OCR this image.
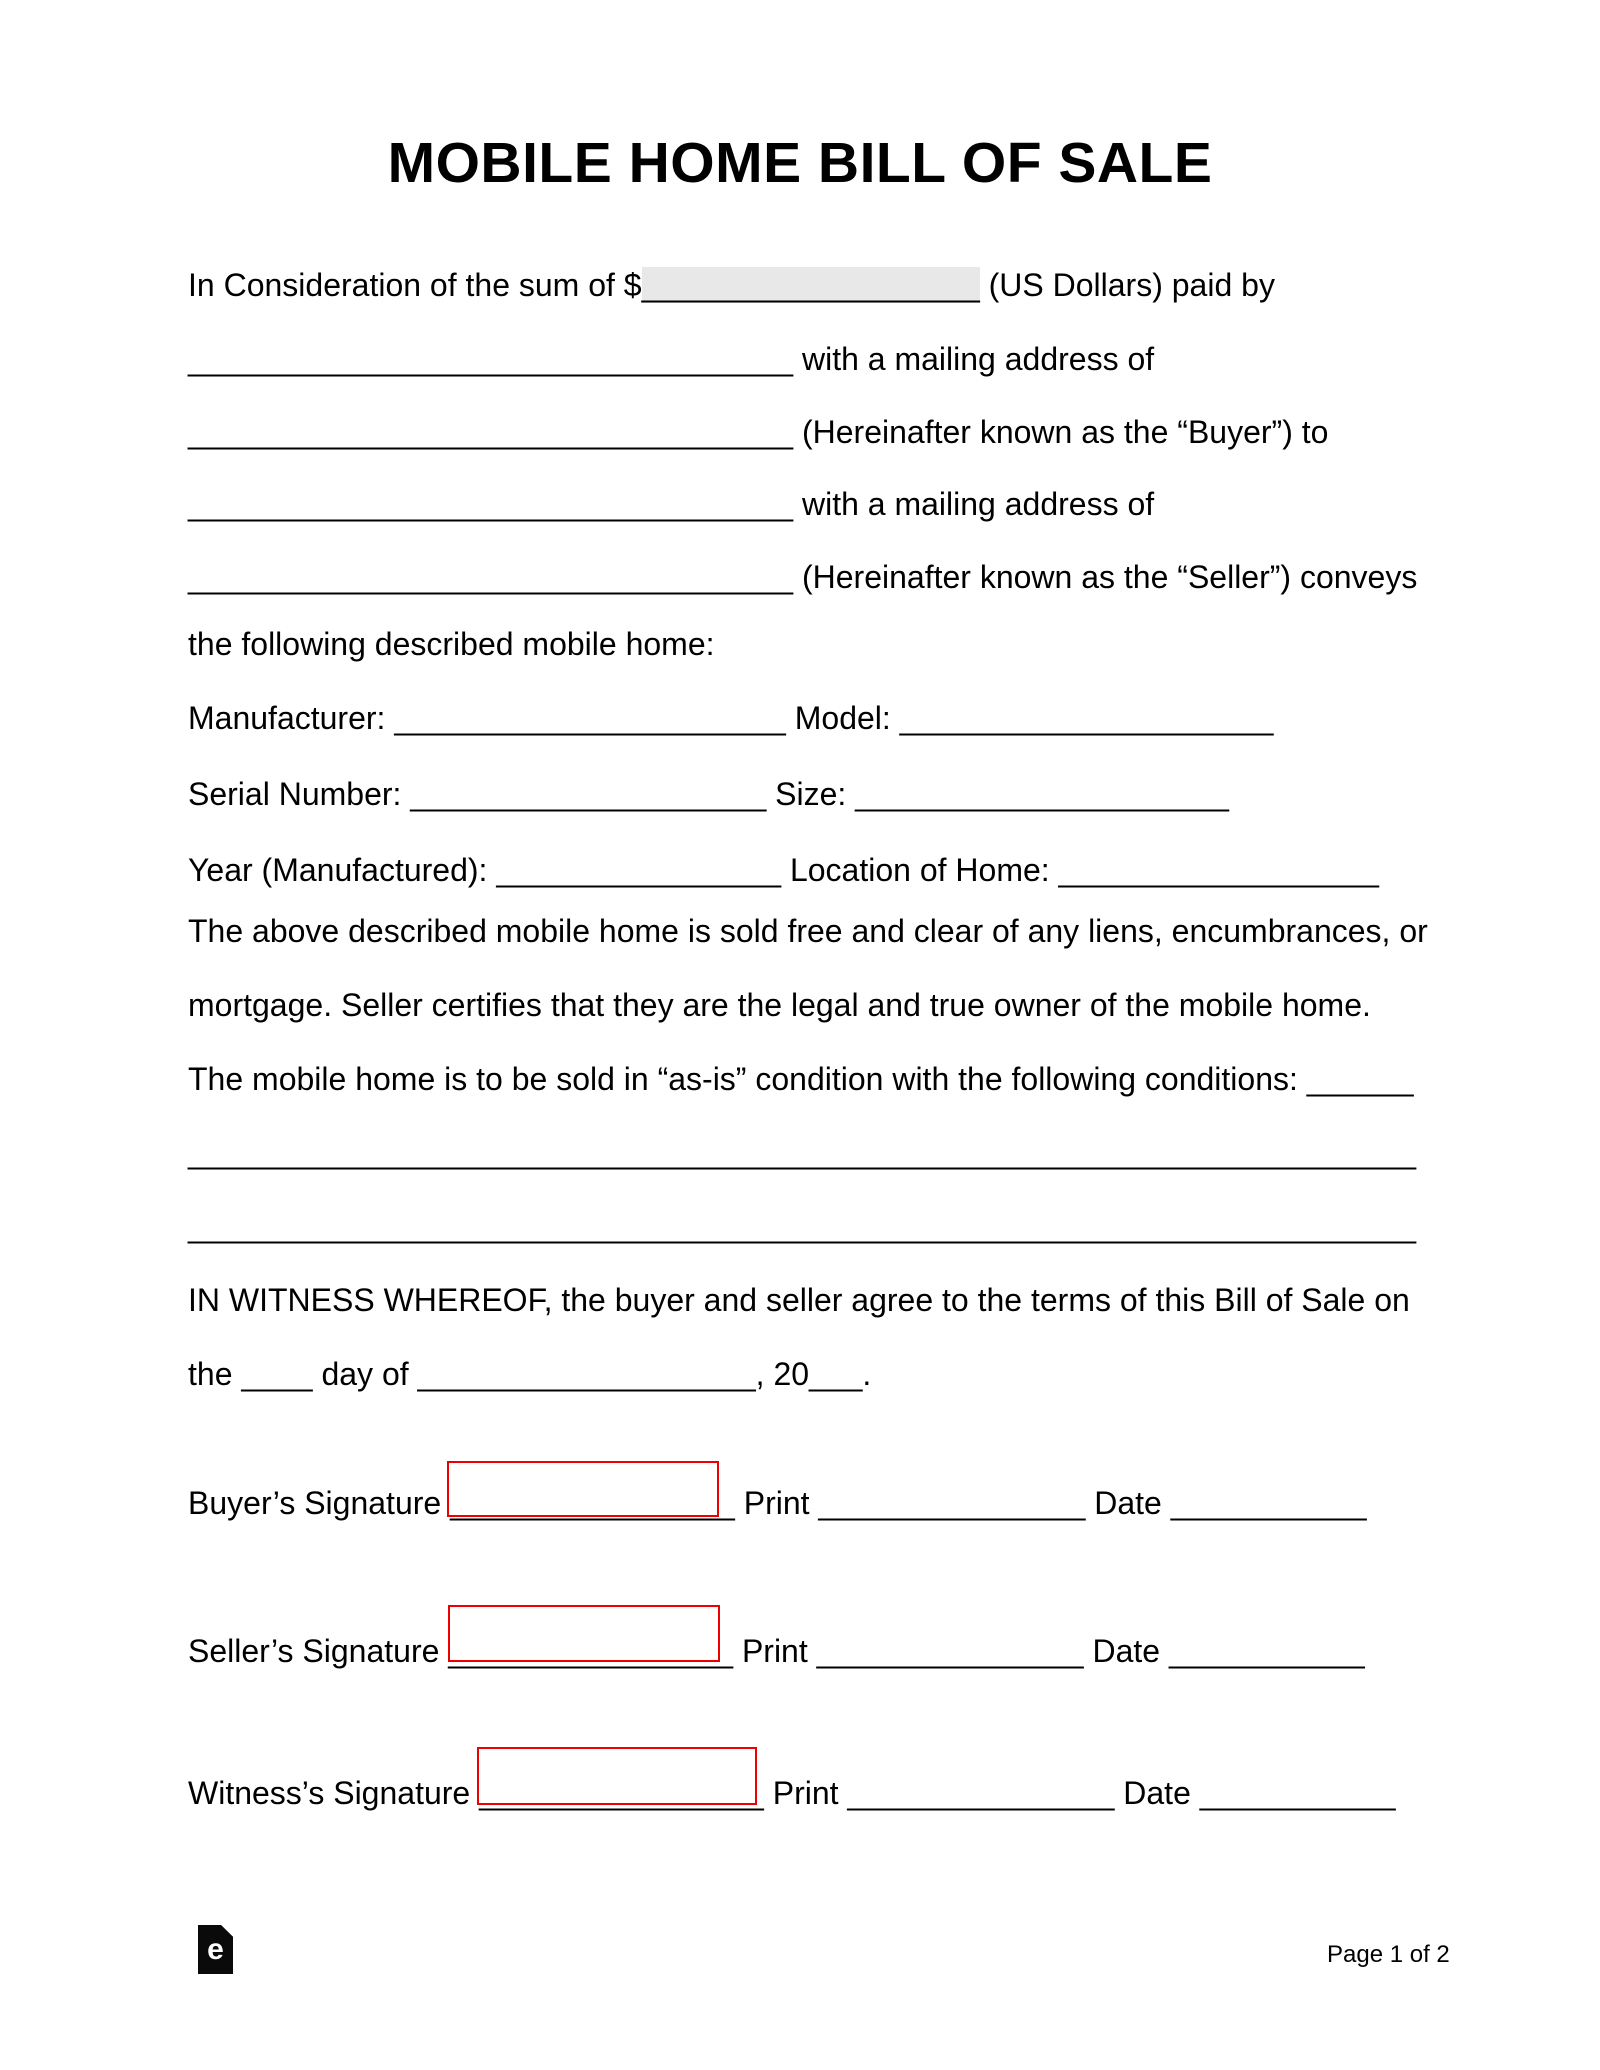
MOBILE HOME BILL OF SALE
In Consideration of the sum of $___________________ (US Dollars) paid by
__________________________________ with a mailing address of
__________________________________ (Hereinafter known as the “Buyer”) to
__________________________________ with a mailing address of
__________________________________ (Hereinafter known as the “Seller”) conveys
the following described mobile home:
Manufacturer: ______________________ Model: _____________________
Serial Number: ____________________ Size: _____________________
Year (Manufactured): ________________ Location of Home: __________________
The above described mobile home is sold free and clear of any liens, encumbrances, or
mortgage. Seller certifies that they are the legal and true owner of the mobile home.
The mobile home is to be sold in “as-is” condition with the following conditions: ______
_____________________________________________________________________
_____________________________________________________________________
IN WITNESS WHEREOF, the buyer and seller agree to the terms of this Bill of Sale on
the ____ day of ___________________, 20___.
Buyer’s Signature ________________ Print _______________ Date ___________
Seller’s Signature ________________ Print _______________ Date ___________
Witness’s Signature ________________ Print _______________ Date ___________
e	Page 1 of 2
